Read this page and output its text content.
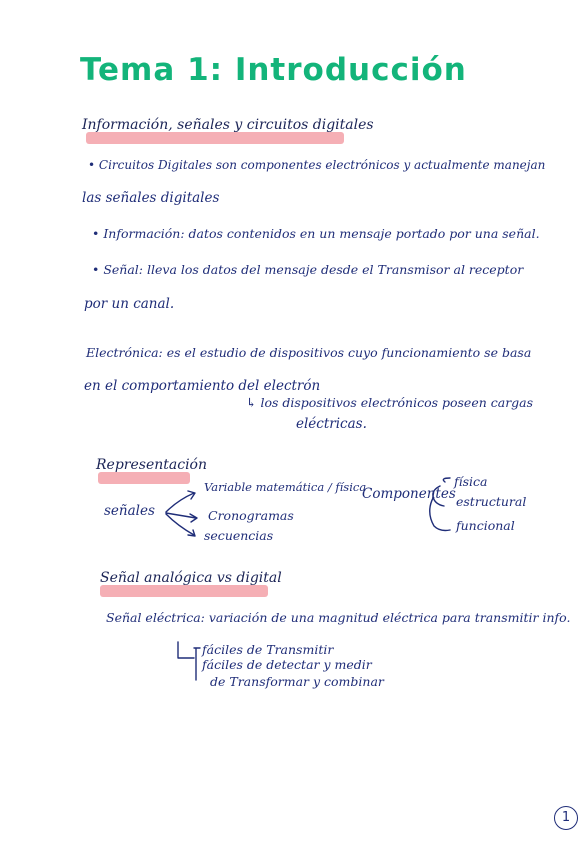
Tema 1: Introducción
Información, señales y circuitos digitales
• Circuitos Digitales son componentes electrónicos y actualmente manejan
las señales digitales
• Información: datos contenidos en un mensaje portado por una señal.
• Señal: lleva los datos del mensaje desde el Transmisor al receptor
por un canal.
Electrónica: es el estudio de dispositivos cuyo funcionamiento se basa
en el comportamiento del electrón
↳ los dispositivos electrónicos poseen cargas
eléctricas.
Representación
señales
Variable matemática / física
Cronogramas
secuencias
Componentes
física
estructural
funcional
Señal analógica vs digital
Señal eléctrica: variación de una magnitud eléctrica para transmitir info.
fáciles de Transmitir
fáciles de detectar y medir
de Transformar y combinar
1
